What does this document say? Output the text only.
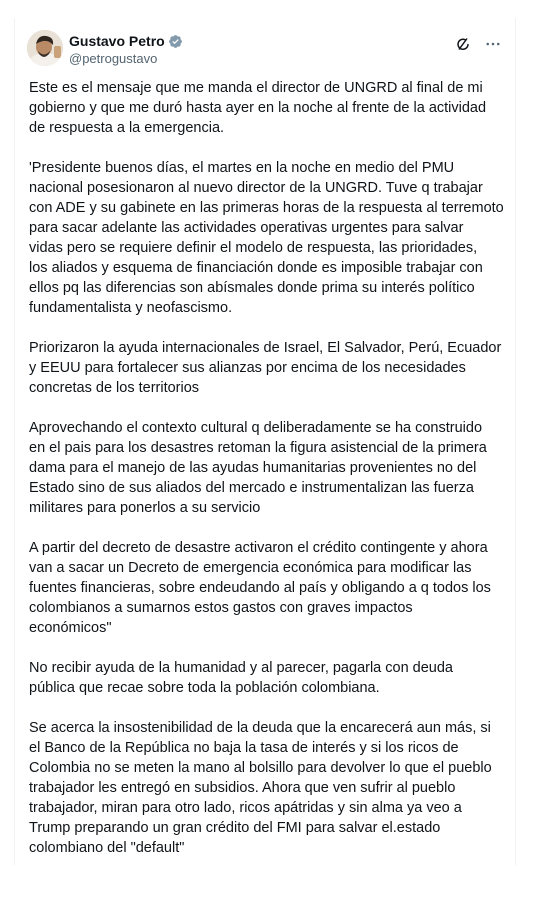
Gustavo Petro
@petrogustavo

Este es el mensaje que me manda el director de UNGRD al final de mi
gobierno y que me duró hasta ayer en la noche al frente de la actividad
de respuesta a la emergencia.

'Presidente buenos días, el martes en la noche en medio del PMU
nacional posesionaron al nuevo director de la UNGRD. Tuve q trabajar
con ADE y su gabinete en las primeras horas de la respuesta al terremoto
para sacar adelante las actividades operativas urgentes para salvar
vidas pero se requiere definir el modelo de respuesta, las prioridades,
los aliados y esquema de financiación donde es imposible trabajar con
ellos pq las diferencias son abísmales donde prima su interés político
fundamentalista y neofascismo.

Priorizaron la ayuda internacionales de Israel, El Salvador, Perú, Ecuador
y EEUU para fortalecer sus alianzas por encima de los necesidades
concretas de los territorios

Aprovechando el contexto cultural q deliberadamente se ha construido
en el pais para los desastres retoman la figura asistencial de la primera
dama para el manejo de las ayudas humanitarias provenientes no del
Estado sino de sus aliados del mercado e instrumentalizan las fuerza
militares para ponerlos a su servicio

A partir del decreto de desastre activaron el crédito contingente y ahora
van a sacar un Decreto de emergencia económica para modificar las
fuentes financieras, sobre endeudando al país y obligando a q todos los
colombianos a sumarnos estos gastos con graves impactos
económicos"

No recibir ayuda de la humanidad y al parecer, pagarla con deuda
pública que recae sobre toda la población colombiana.

Se acerca la insostenibilidad de la deuda que la encarecerá aun más, si
el Banco de la República no baja la tasa de interés y si los ricos de
Colombia no se meten la mano al bolsillo para devolver lo que el pueblo
trabajador les entregó en subsidios. Ahora que ven sufrir al pueblo
trabajador, miran para otro lado, ricos apátridas y sin alma ya veo a
Trump preparando un gran crédito del FMI para salvar el.estado
colombiano del "default"
